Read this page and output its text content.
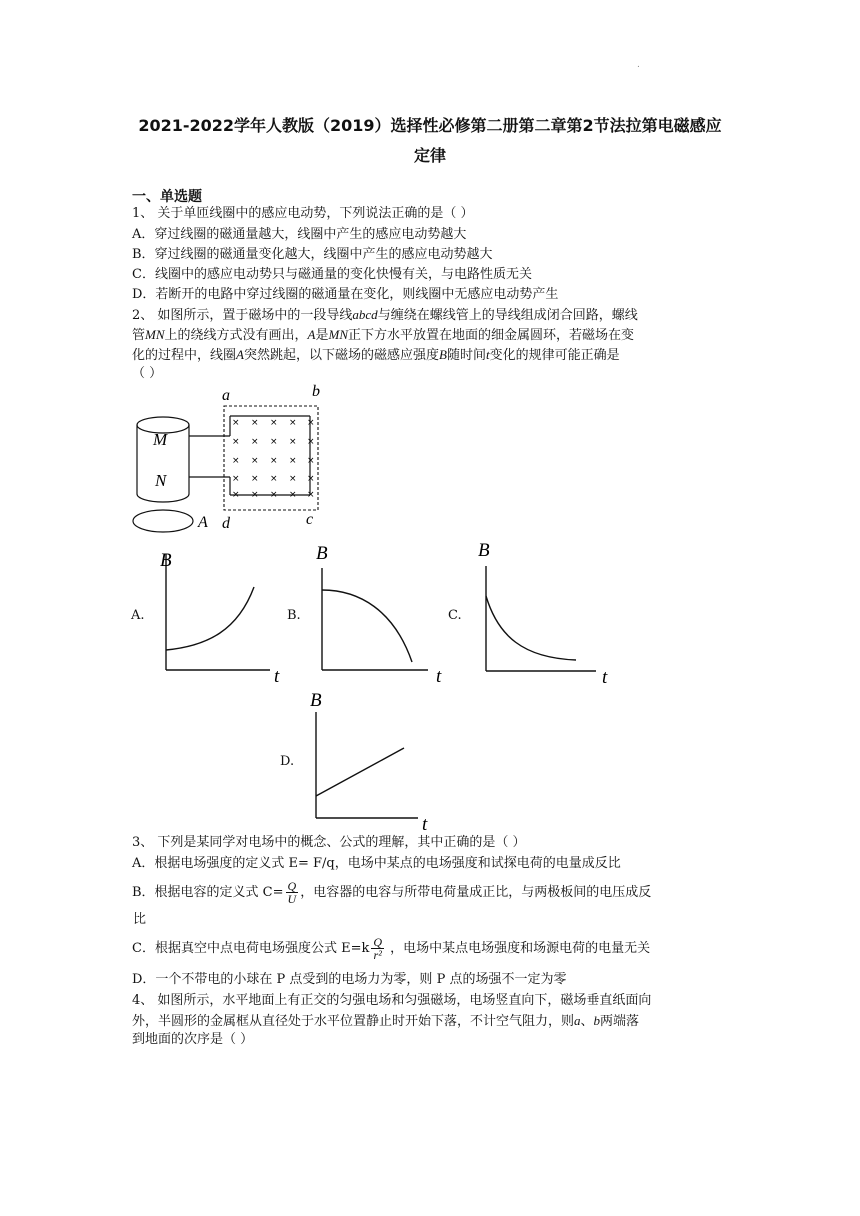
.
2021-2022学年人教版（2019）选择性必修第二册第二章第2节法拉第电磁感应
定律
一、单选题
1、 关于单匝线圈中的感应电动势，下列说法正确的是（ ）
A．穿过线圈的磁通量越大，线圈中产生的感应电动势越大
B．穿过线圈的磁通量变化越大，线圈中产生的感应电动势越大
C．线圈中的感应电动势只与磁通量的变化快慢有关，与电路性质无关
D．若断开的电路中穿过线圈的磁通量在变化，则线圈中无感应电动势产生
2、 如图所示，置于磁场中的一段导线abcd与缠绕在螺线管上的导线组成闭合回路，螺线
管MN上的绕线方式没有画出，A是MN正下方水平放置在地面的细金属圆环，若磁场在变
化的过程中，线圈A突然跳起，以下磁场的磁感应强度B随时间t变化的规律可能正确是
（ ）
M
N
A
× × × × ×
× × × × ×
× × × × ×
× × × × ×
× × × × ×
a	b
d	c
A.
B
t
B.
B
t
C.
B
t
D.
B
t
3、 下列是某同学对电场中的概念、公式的理解，其中正确的是（ ）
A．根据电场强度的定义式 E= F/q，电场中某点的电场强度和试探电荷的电量成反比
B．根据电容的定义式 $C= \frac{Q}{U}$ ，电容器的电容与所带电荷量成正比，与两极板间的电压成反
比
C．根据真空中点电荷电场强度公式 $E=k \frac{Q}{\text{r²}}$ ，电场中某点电场强度和场源电荷的电量无关
D．一个不带电的小球在 P 点受到的电场力为零，则 P 点的场强不一定为零
4、 如图所示，水平地面上有正交的匀强电场和匀强磁场，电场竖直向下，磁场垂直纸面向
外，半圆形的金属框从直径处于水平位置静止时开始下落，不计空气阻力，则a、b两端落
到地面的次序是（ ）
